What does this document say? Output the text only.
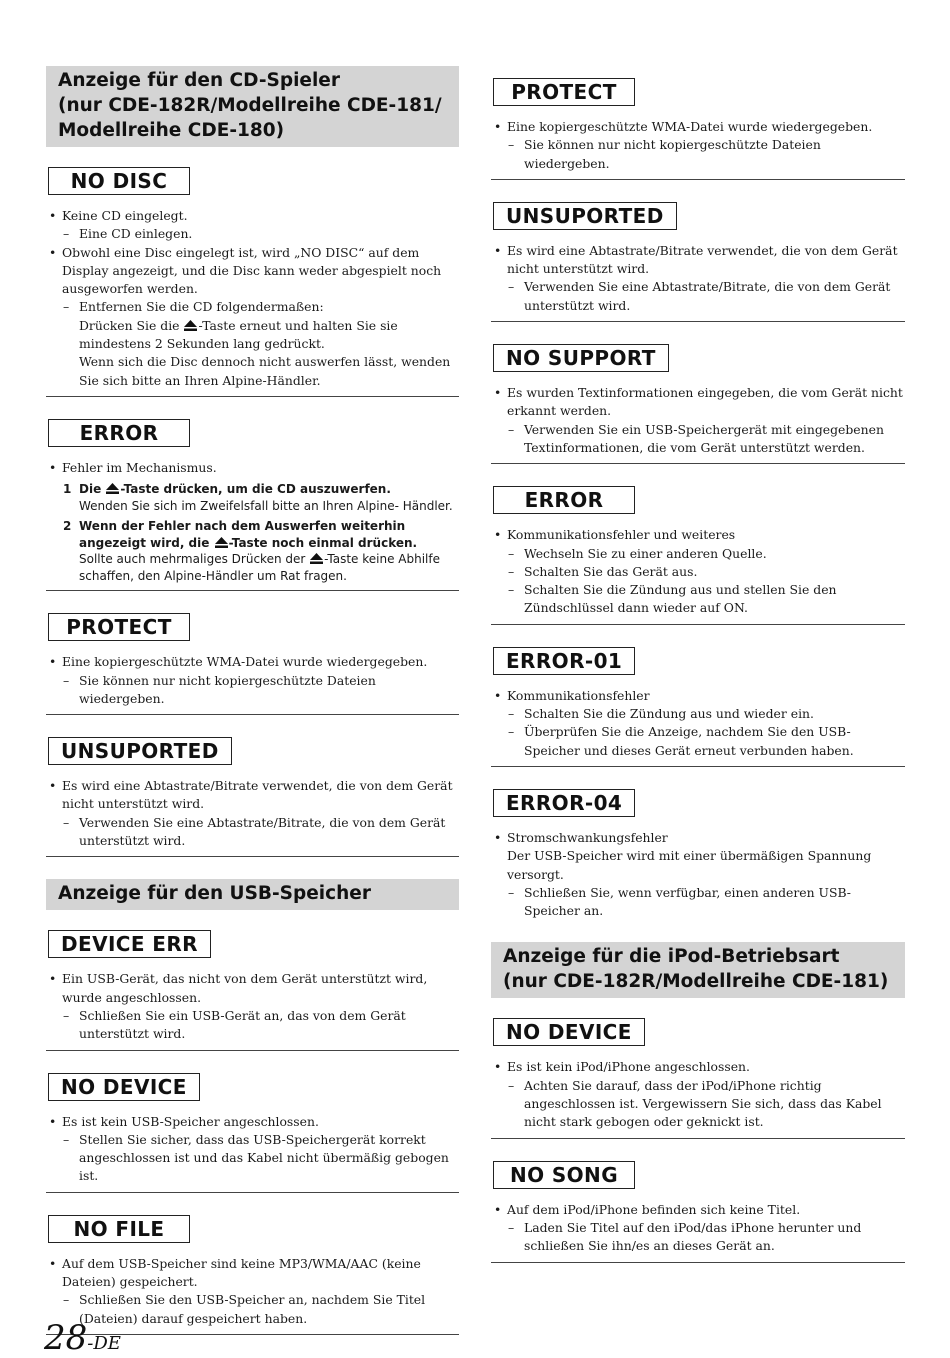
Anzeige für den CD-Spieler
(nur CDE-182R/Modellreihe CDE-181/
Modellreihe CDE-180)
NO DISC
• Keine CD eingelegt.
– Eine CD einlegen.
• Obwohl eine Disc eingelegt ist, wird „NO DISC“ auf dem Display angezeigt, und die Disc kann weder abgespielt noch ausgeworfen werden.
– Entfernen Sie die CD folgendermaßen:
Drücken Sie die -Taste erneut und halten Sie sie mindestens 2 Sekunden lang gedrückt.
Wenn sich die Disc dennoch nicht auswerfen lässt, wenden Sie sich bitte an Ihren Alpine-Händler.
ERROR
• Fehler im Mechanismus.
1 Die -Taste drücken, um die CD auszuwerfen.
Wenden Sie sich im Zweifelsfall bitte an Ihren Alpine- Händler.
2 Wenn der Fehler nach dem Auswerfen weiterhin angezeigt wird, die -Taste noch einmal drücken.
Sollte auch mehrmaliges Drücken der -Taste keine Abhilfe schaffen, den Alpine-Händler um Rat fragen.
PROTECT
• Eine kopiergeschützte WMA-Datei wurde wiedergegeben.
– Sie können nur nicht kopiergeschützte Dateien wiedergeben.
UNSUPORTED
• Es wird eine Abtastrate/Bitrate verwendet, die von dem Gerät nicht unterstützt wird.
– Verwenden Sie eine Abtastrate/Bitrate, die von dem Gerät unterstützt wird.
Anzeige für den USB-Speicher
DEVICE ERR
• Ein USB-Gerät, das nicht von dem Gerät unterstützt wird, wurde angeschlossen.
– Schließen Sie ein USB-Gerät an, das von dem Gerät unterstützt wird.
NO DEVICE
• Es ist kein USB-Speicher angeschlossen.
– Stellen Sie sicher, dass das USB-Speichergerät korrekt angeschlossen ist und das Kabel nicht übermäßig gebogen ist.
NO FILE
• Auf dem USB-Speicher sind keine MP3/WMA/AAC (keine Dateien) gespeichert.
– Schließen Sie den USB-Speicher an, nachdem Sie Titel (Dateien) darauf gespeichert haben.
PROTECT
• Eine kopiergeschützte WMA-Datei wurde wiedergegeben.
– Sie können nur nicht kopiergeschützte Dateien wiedergeben.
UNSUPORTED
• Es wird eine Abtastrate/Bitrate verwendet, die von dem Gerät nicht unterstützt wird.
– Verwenden Sie eine Abtastrate/Bitrate, die von dem Gerät unterstützt wird.
NO SUPPORT
• Es wurden Textinformationen eingegeben, die vom Gerät nicht erkannt werden.
– Verwenden Sie ein USB-Speichergerät mit eingegebenen Textinformationen, die vom Gerät unterstützt werden.
ERROR
• Kommunikationsfehler und weiteres
– Wechseln Sie zu einer anderen Quelle.
– Schalten Sie das Gerät aus.
– Schalten Sie die Zündung aus und stellen Sie den Zündschlüssel dann wieder auf ON.
ERROR-01
• Kommunikationsfehler
– Schalten Sie die Zündung aus und wieder ein.
– Überprüfen Sie die Anzeige, nachdem Sie den USB-Speicher und dieses Gerät erneut verbunden haben.
ERROR-04
• Stromschwankungsfehler
Der USB-Speicher wird mit einer übermäßigen Spannung versorgt.
– Schließen Sie, wenn verfügbar, einen anderen USB-Speicher an.
Anzeige für die iPod-Betriebsart
(nur CDE-182R/Modellreihe CDE-181)
NO DEVICE
• Es ist kein iPod/iPhone angeschlossen.
– Achten Sie darauf, dass der iPod/iPhone richtig angeschlossen ist. Vergewissern Sie sich, dass das Kabel nicht stark gebogen oder geknickt ist.
NO SONG
• Auf dem iPod/iPhone befinden sich keine Titel.
– Laden Sie Titel auf den iPod/das iPhone herunter und schließen Sie ihn/es an dieses Gerät an.
28-DE
